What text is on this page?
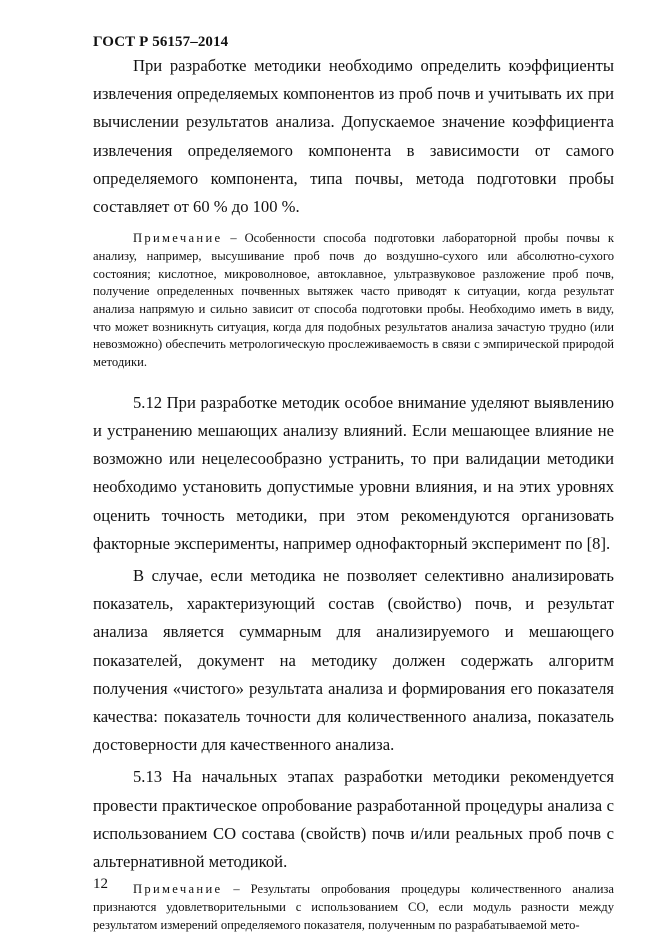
ГОСТ Р 56157–2014

При разработке методики необходимо определить коэффициенты извлечения определяемых компонентов из проб почв и учитывать их при вычислении результатов анализа. Допускаемое значение коэффициента извлечения определяемого компонента в зависимости от самого определяемого компонента, типа почвы, метода подготовки пробы составляет от 60 % до 100 %.

Примечание – Особенности способа подготовки лабораторной пробы почвы к анализу, например, высушивание проб почв до воздушно-сухого или абсолютно-сухого состояния; кислотное, микроволновое, автоклавное, ультразвуковое разложение проб почв, получение определенных почвенных вытяжек часто приводят к ситуации, когда результат анализа напрямую и сильно зависит от способа подготовки пробы. Необходимо иметь в виду, что может возникнуть ситуация, когда для подобных результатов анализа зачастую трудно (или невозможно) обеспечить метрологическую прослеживаемость в связи с эмпирической природой методики.

5.12 При разработке методик особое внимание уделяют выявлению и устранению мешающих анализу влияний. Если мешающее влияние не возможно или нецелесообразно устранить, то при валидации методики необходимо установить допустимые уровни влияния, и на этих уровнях оценить точность методики, при этом рекомендуются организовать факторные эксперименты, например однофакторный эксперимент по [8].

В случае, если методика не позволяет селективно анализировать показатель, характеризующий состав (свойство) почв, и результат анализа является суммарным для анализируемого и мешающего показателей, документ на методику должен содержать алгоритм получения «чистого» результата анализа и формирования его показателя качества: показатель точности для количественного анализа, показатель достоверности для качественного анализа.

5.13 На начальных этапах разработки методики рекомендуется провести практическое опробование разработанной процедуры анализа с использованием СО состава (свойств) почв и/или реальных проб почв с альтернативной методикой.

Примечание – Результаты опробования процедуры количественного анализа признаются удовлетворительными с использованием СО, если модуль разности между результатом измерений определяемого показателя, полученным по разрабатываемой мето-

12
